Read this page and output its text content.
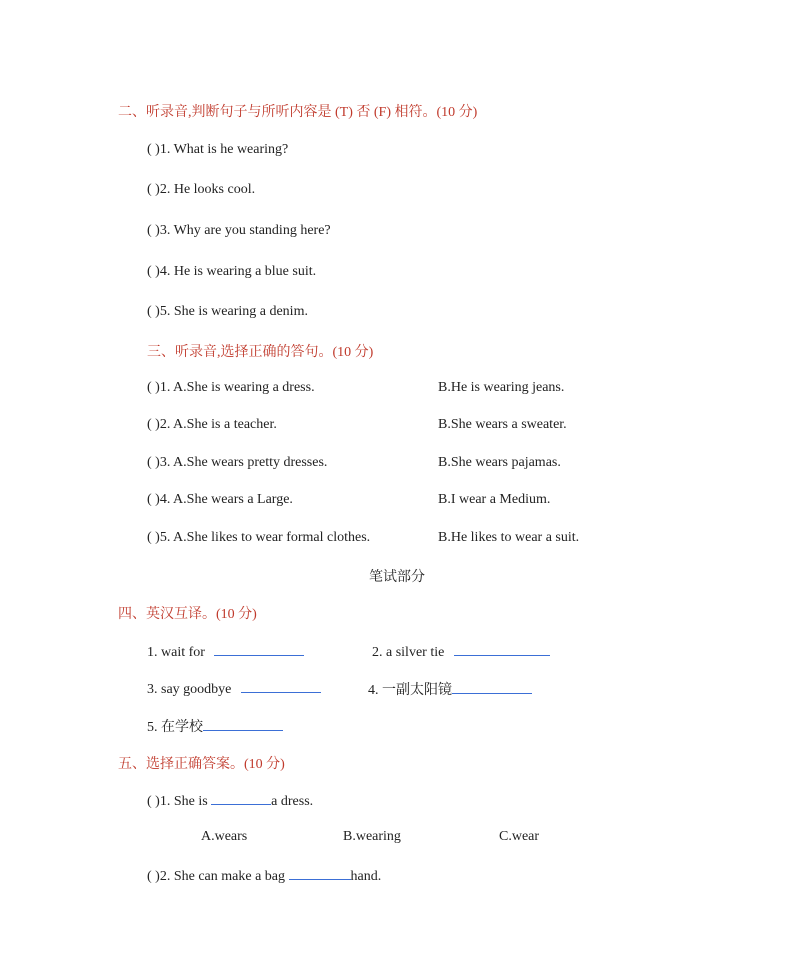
二、听录音,判断句子与所听内容是 (T) 否 (F) 相符。(10 分)
( )1. What is he wearing?
( )2. He looks cool.
( )3. Why are you standing here?
( )4. He is wearing a blue suit.
( )5. She is wearing a denim.
三、听录音,选择正确的答句。(10 分)
( )1. A.She is wearing a dress.	B.He is wearing jeans.
( )2. A.She is a teacher.	B.She wears a sweater.
( )3. A.She wears pretty dresses.	B.She wears pajamas.
( )4. A.She wears a Large.	B.I wear a Medium.
( )5. A.She likes to wear formal clothes.	B.He likes to wear a suit.
笔试部分
四、英汉互译。(10 分)
1. wait for	2. a silver tie
3. say goodbye	4. 一副太阳镜
5. 在学校
五、选择正确答案。(10 分)
( )1. She is	a dress.
A.wears	B.wearing	C.wear
( )2. She can make a bag	hand.
